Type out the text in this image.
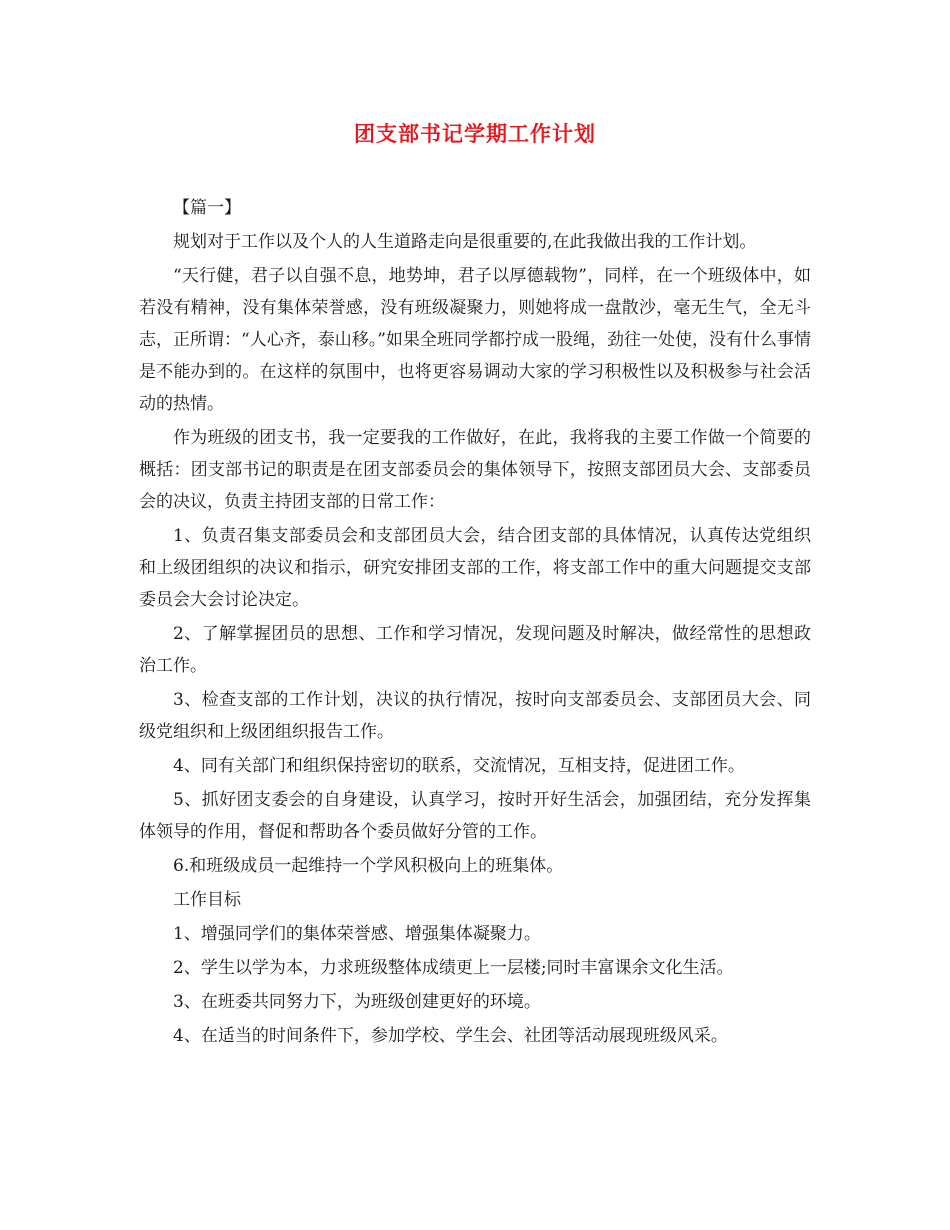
团支部书记学期工作计划

【篇一】

规划对于工作以及个人的人生道路走向是很重要的,在此我做出我的工作计划。

“天行健，君子以自强不息，地势坤，君子以厚德载物”，同样，在一个班级体中，如若没有精神，没有集体荣誉感，没有班级凝聚力，则她将成一盘散沙，毫无生气，全无斗志，正所谓：“人心齐，泰山移。”如果全班同学都拧成一股绳，劲往一处使，没有什么事情是不能办到的。在这样的氛围中，也将更容易调动大家的学习积极性以及积极参与社会活动的热情。

作为班级的团支书，我一定要我的工作做好，在此，我将我的主要工作做一个简要的概括：团支部书记的职责是在团支部委员会的集体领导下，按照支部团员大会、支部委员会的决议，负责主持团支部的日常工作：

1、负责召集支部委员会和支部团员大会，结合团支部的具体情况，认真传达党组织和上级团组织的决议和指示，研究安排团支部的工作，将支部工作中的重大问题提交支部委员会大会讨论决定。

2、了解掌握团员的思想、工作和学习情况，发现问题及时解决，做经常性的思想政治工作。

3、检查支部的工作计划，决议的执行情况，按时向支部委员会、支部团员大会、同级党组织和上级团组织报告工作。

4、同有关部门和组织保持密切的联系，交流情况，互相支持，促进团工作。

5、抓好团支委会的自身建设，认真学习，按时开好生活会，加强团结，充分发挥集体领导的作用，督促和帮助各个委员做好分管的工作。

6.和班级成员一起维持一个学风积极向上的班集体。

工作目标

1、增强同学们的集体荣誉感、增强集体凝聚力。

2、学生以学为本，力求班级整体成绩更上一层楼;同时丰富课余文化生活。

3、在班委共同努力下，为班级创建更好的环境。

4、在适当的时间条件下，参加学校、学生会、社团等活动展现班级风采。
